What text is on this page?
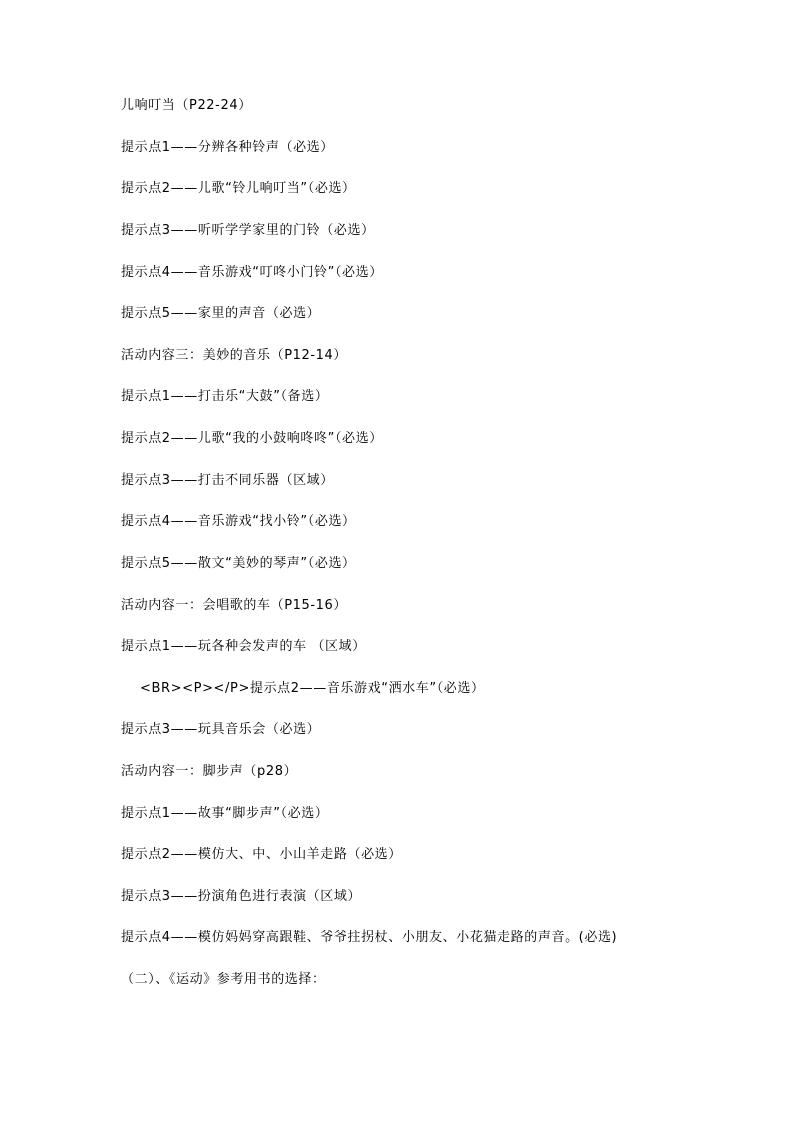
儿响叮当（P22-24）
提示点1——分辨各种铃声（必选）
提示点2——儿歌“铃儿响叮当”（必选）
提示点3——听听学学家里的门铃（必选）
提示点4——音乐游戏“叮咚小门铃”（必选）
提示点5——家里的声音（必选）
活动内容三：美妙的音乐（P12-14）
提示点1——打击乐“大鼓”（备选）
提示点2——儿歌“我的小鼓响咚咚”（必选）
提示点3——打击不同乐器（区域）
提示点4——音乐游戏“找小铃”（必选）
提示点5——散文“美妙的琴声”（必选）
活动内容一：会唱歌的车（P15-16）
提示点1——玩各种会发声的车 （区域）
<BR><P></P>提示点2——音乐游戏“洒水车”（必选）
提示点3——玩具音乐会（必选）
活动内容一：脚步声（p28）
提示点1——故事“脚步声”（必选）
提示点2——模仿大、中、小山羊走路（必选）
提示点3——扮演角色进行表演（区域）
提示点4——模仿妈妈穿高跟鞋、爷爷拄拐杖、小朋友、小花猫走路的声音。(必选)
（二）、《运动》参考用书的选择：
